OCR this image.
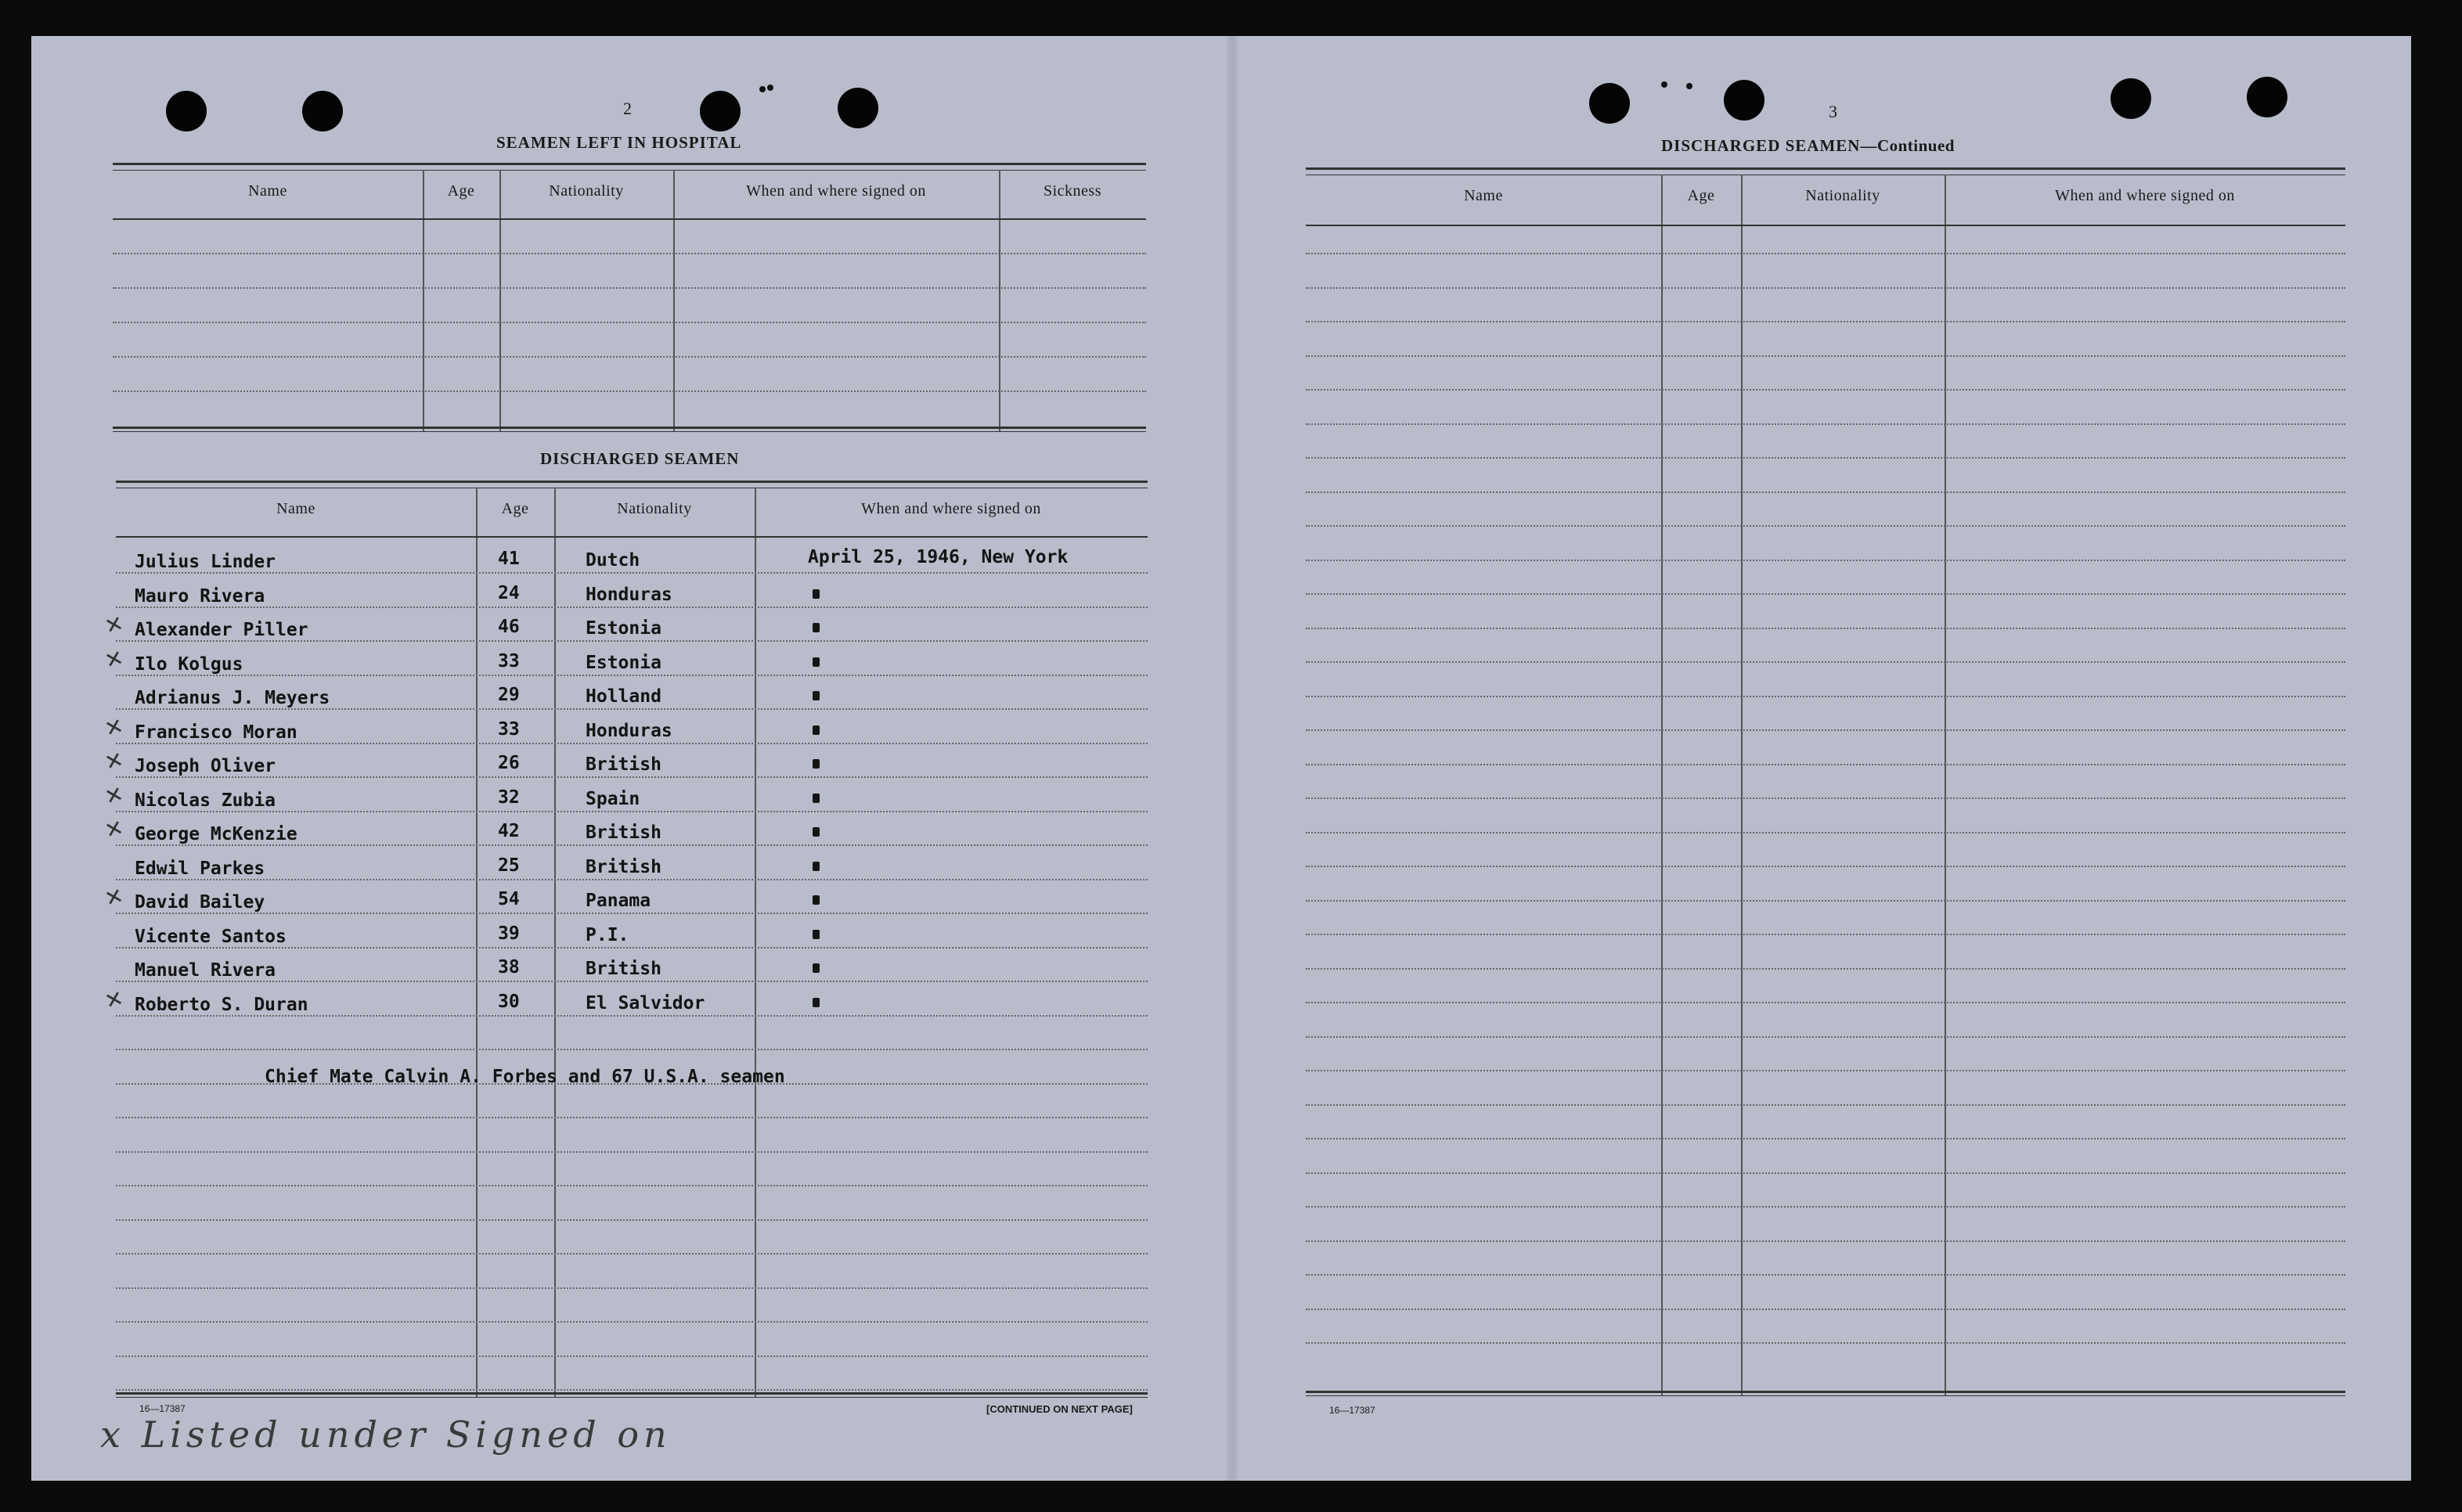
2
SEAMEN LEFT IN HOSPITAL
Name	Age	Nationality	When and where signed on	Sickness
DISCHARGED SEAMEN
Name	Age	Nationality	When and where signed on
Julius Linder	41	Dutch	April 25, 1946, New York
Mauro Rivera	24	Honduras
Alexander Piller	46	Estonia
✕
Ilo Kolgus	33	Estonia
✕
Adrianus J. Meyers	29	Holland
Francisco Moran	33	Honduras
✕
Joseph Oliver	26	British
✕
Nicolas Zubia	32	Spain
✕
George McKenzie	42	British
✕
Edwil Parkes	25	British
David Bailey	54	Panama
✕
Vicente Santos	39	P.I.
Manuel Rivera	38	British
Roberto S. Duran	30	El Salvidor
✕
Chief Mate Calvin A. Forbes and 67 U.S.A. seamen
16—17387	[CONTINUED ON NEXT PAGE]
x Listed under Signed on
3
DISCHARGED SEAMEN—Continued
Name	Age	Nationality	When and where signed on
16—17387
